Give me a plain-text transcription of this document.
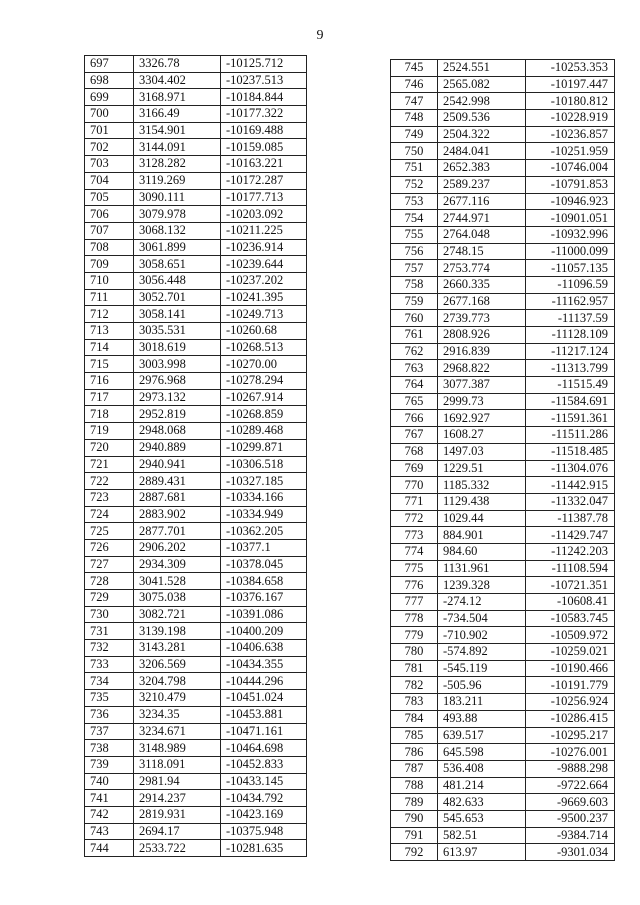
9
697	3326.78	-10125.712
698	3304.402	-10237.513
699	3168.971	-10184.844
700	3166.49	-10177.322
701	3154.901	-10169.488
702	3144.091	-10159.085
703	3128.282	-10163.221
704	3119.269	-10172.287
705	3090.111	-10177.713
706	3079.978	-10203.092
707	3068.132	-10211.225
708	3061.899	-10236.914
709	3058.651	-10239.644
710	3056.448	-10237.202
711	3052.701	-10241.395
712	3058.141	-10249.713
713	3035.531	-10260.68
714	3018.619	-10268.513
715	3003.998	-10270.00
716	2976.968	-10278.294
717	2973.132	-10267.914
718	2952.819	-10268.859
719	2948.068	-10289.468
720	2940.889	-10299.871
721	2940.941	-10306.518
722	2889.431	-10327.185
723	2887.681	-10334.166
724	2883.902	-10334.949
725	2877.701	-10362.205
726	2906.202	-10377.1
727	2934.309	-10378.045
728	3041.528	-10384.658
729	3075.038	-10376.167
730	3082.721	-10391.086
731	3139.198	-10400.209
732	3143.281	-10406.638
733	3206.569	-10434.355
734	3204.798	-10444.296
735	3210.479	-10451.024
736	3234.35	-10453.881
737	3234.671	-10471.161
738	3148.989	-10464.698
739	3118.091	-10452.833
740	2981.94	-10433.145
741	2914.237	-10434.792
742	2819.931	-10423.169
743	2694.17	-10375.948
744	2533.722	-10281.635
745	2524.551	-10253.353
746	2565.082	-10197.447
747	2542.998	-10180.812
748	2509.536	-10228.919
749	2504.322	-10236.857
750	2484.041	-10251.959
751	2652.383	-10746.004
752	2589.237	-10791.853
753	2677.116	-10946.923
754	2744.971	-10901.051
755	2764.048	-10932.996
756	2748.15	-11000.099
757	2753.774	-11057.135
758	2660.335	-11096.59
759	2677.168	-11162.957
760	2739.773	-11137.59
761	2808.926	-11128.109
762	2916.839	-11217.124
763	2968.822	-11313.799
764	3077.387	-11515.49
765	2999.73	-11584.691
766	1692.927	-11591.361
767	1608.27	-11511.286
768	1497.03	-11518.485
769	1229.51	-11304.076
770	1185.332	-11442.915
771	1129.438	-11332.047
772	1029.44	-11387.78
773	884.901	-11429.747
774	984.60	-11242.203
775	1131.961	-11108.594
776	1239.328	-10721.351
777	-274.12	-10608.41
778	-734.504	-10583.745
779	-710.902	-10509.972
780	-574.892	-10259.021
781	-545.119	-10190.466
782	-505.96	-10191.779
783	183.211	-10256.924
784	493.88	-10286.415
785	639.517	-10295.217
786	645.598	-10276.001
787	536.408	-9888.298
788	481.214	-9722.664
789	482.633	-9669.603
790	545.653	-9500.237
791	582.51	-9384.714
792	613.97	-9301.034
